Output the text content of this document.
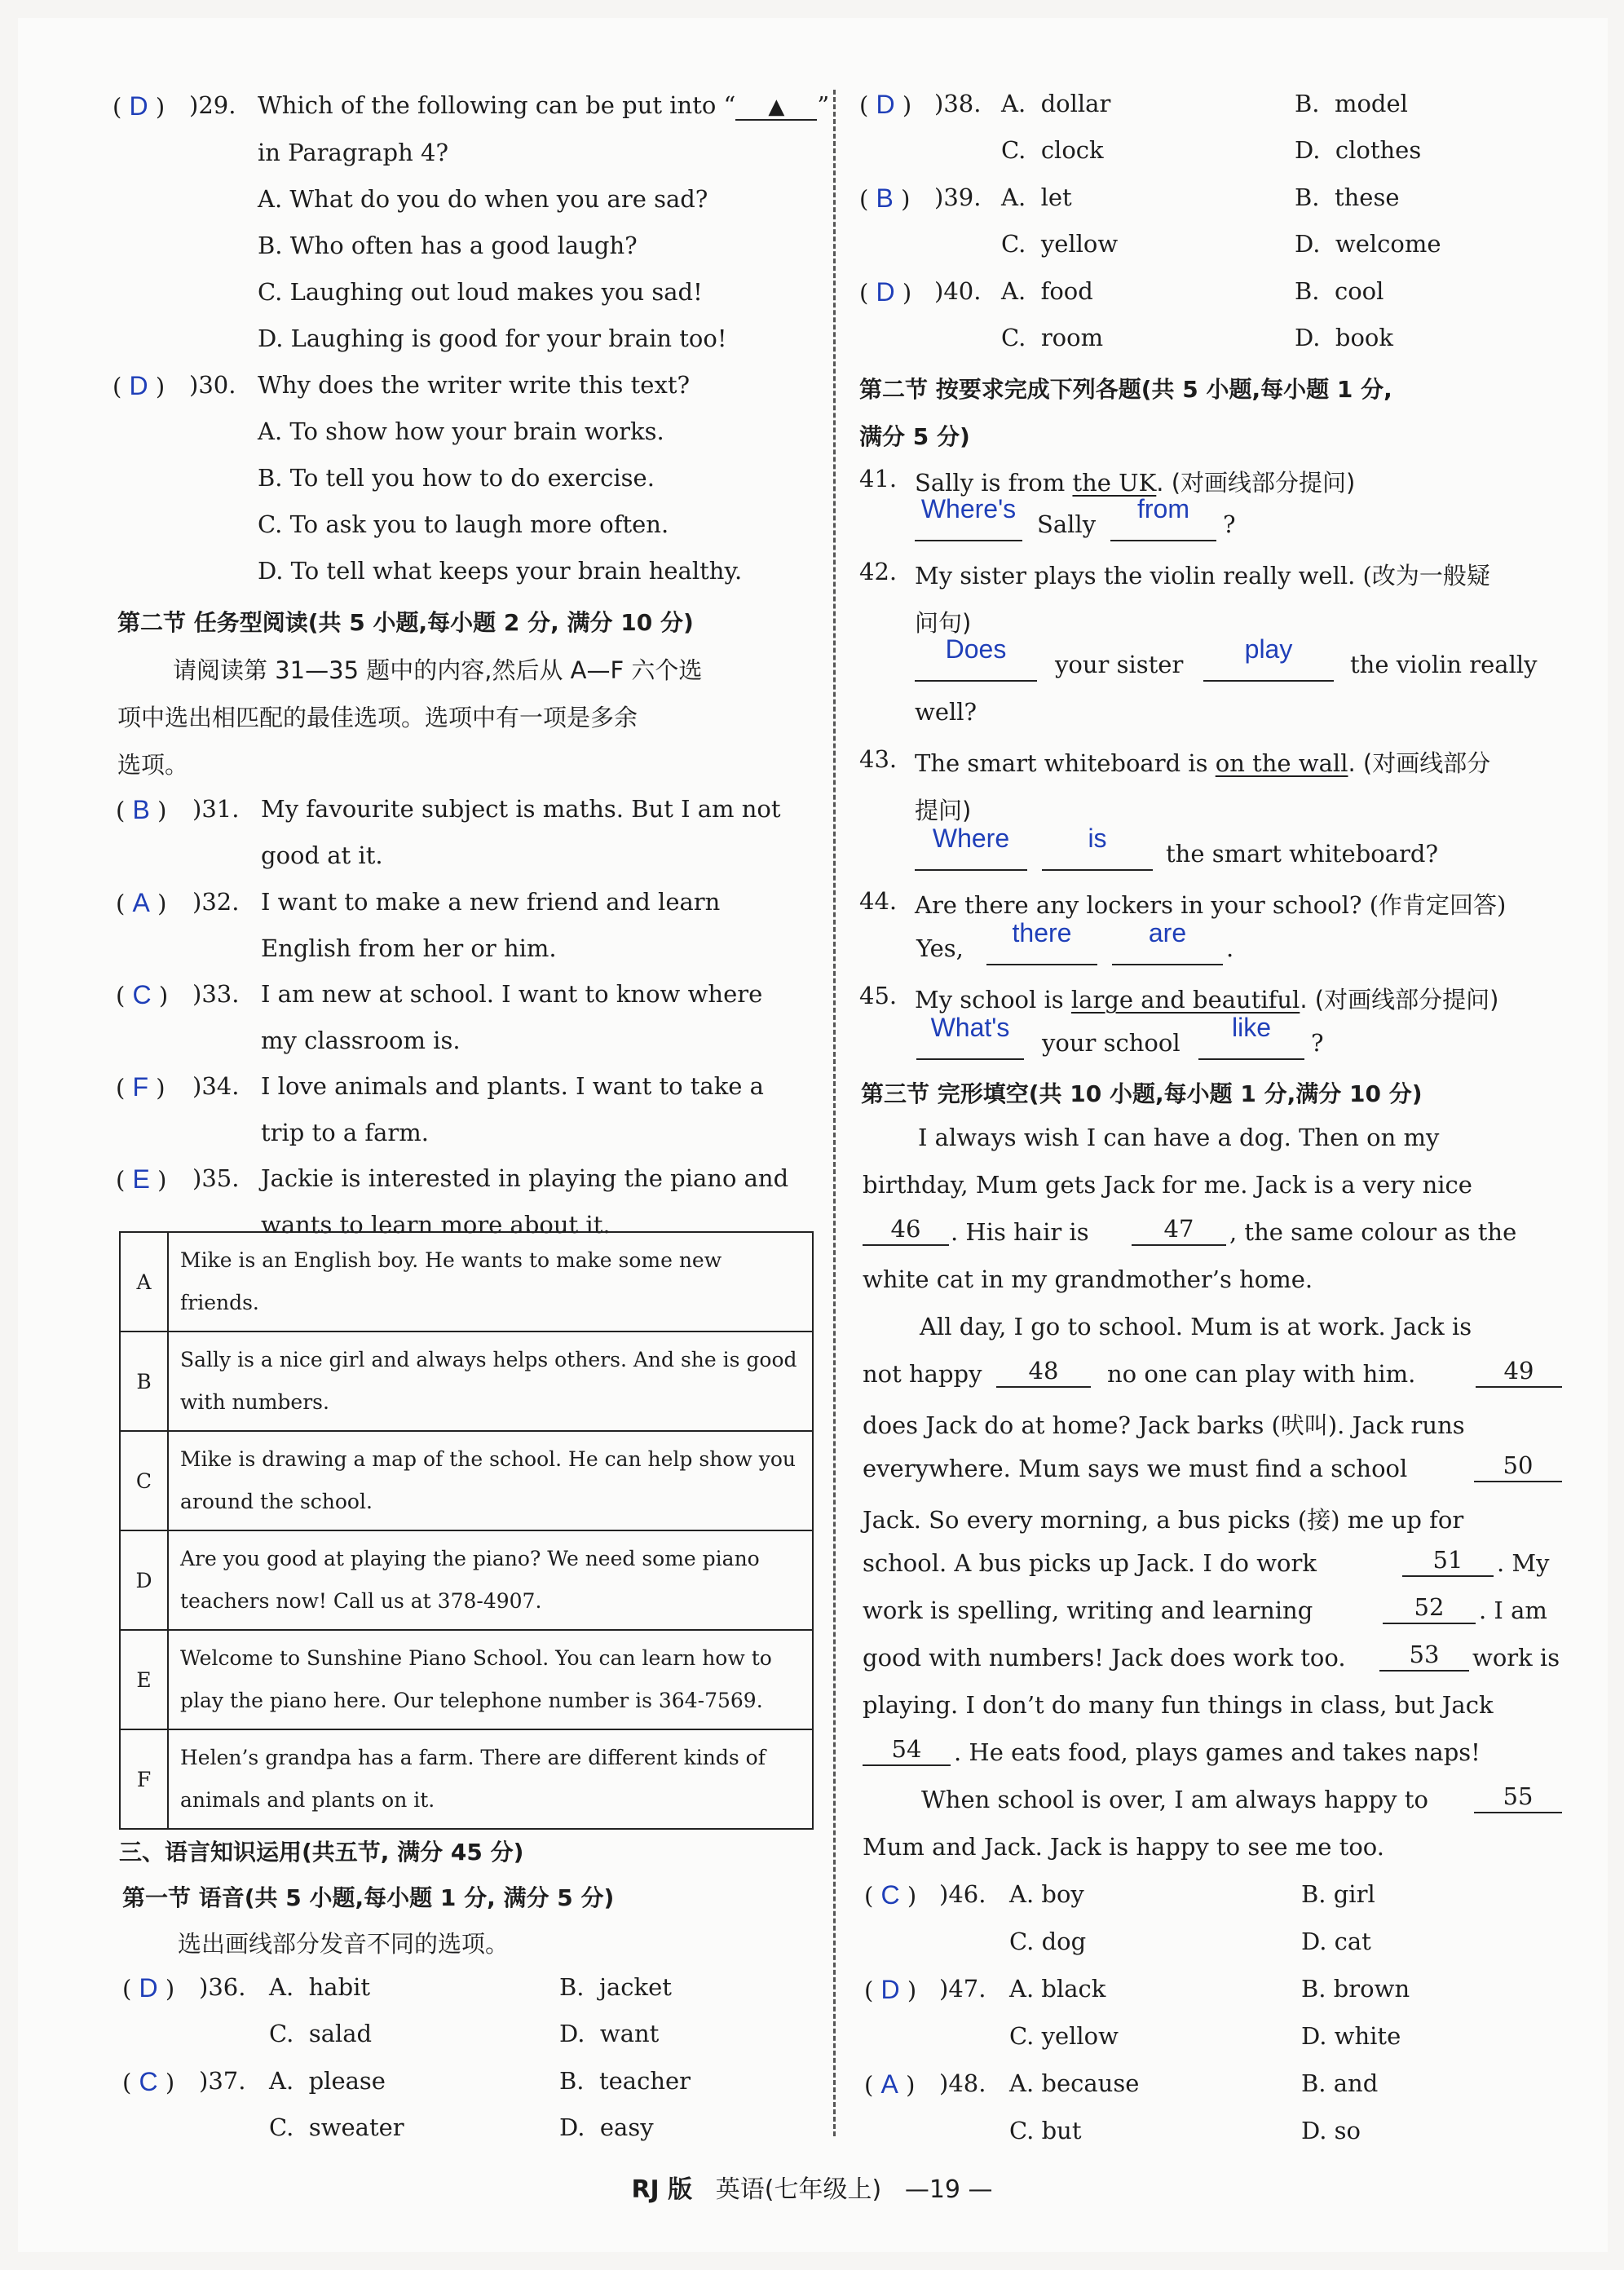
( D ) )29. Which of the following can be put into “ ▲ ”
in Paragraph 4?
A. What do you do when you are sad?
B. Who often has a good laugh?
C. Laughing out loud makes you sad!
D. Laughing is good for your brain too!
( D ) )30. Why does the writer write this text?
A. To show how your brain works.
B. To tell you how to do exercise.
C. To ask you to laugh more often.
D. To tell what keeps your brain healthy.
第二节 任务型阅读(共 5 小题,每小题 2 分, 满分 10 分)
请阅读第 31—35 题中的内容,然后从 A—F 六个选
项中选出相匹配的最佳选项。选项中有一项是多余
选项。
( B ) )31. My favourite subject is maths. But I am not
good at it.
( A ) )32. I want to make a new friend and learn
English from her or him.
( C ) )33. I am new at school. I want to know where
my classroom is.
( F ) )34. I love animals and plants. I want to take a
trip to a farm.
( E ) )35. Jackie is interested in playing the piano and
wants to learn more about it.
A	Mike is an English boy. He wants to make some new
friends.
B	Sally is a nice girl and always helps others. And she is good
with numbers.
C	Mike is drawing a map of the school. He can help show you
around the school.
D	Are you good at playing the piano? We need some piano
teachers now! Call us at 378-4907.
E	Welcome to Sunshine Piano School. You can learn how to
play the piano here. Our telephone number is 364-7569.
F	Helen’s grandpa has a farm. There are different kinds of
animals and plants on it.
三、语言知识运用(共五节, 满分 45 分)
第一节 语音(共 5 小题,每小题 1 分, 满分 5 分)
选出画线部分发音不同的选项。
( D ) )36. A. habit	B. jacket
C. salad	D. want
( C ) )37. A. please	B. teacher
C. sweater	D. easy
( D ) )38. A. dollar	B. model
C. clock	D. clothes
( B ) )39. A. let	B. these
C. yellow	D. welcome
( D ) )40. A. food	B. cool
C. room	D. book
第二节 按要求完成下列各题(共 5 小题,每小题 1 分,
满分 5 分)
41. Sally is from the UK. (对画线部分提问)
Where's
Sally
from
?
42. My sister plays the violin really well. (改为一般疑
问句)
Does
your sister
play
the violin really
well?
43. The smart whiteboard is on the wall. (对画线部分
提问)
Where	is
the smart whiteboard?
44. Are there any lockers in your school? (作肯定回答)
Yes,
there	are
.
45. My school is large and beautiful. (对画线部分提问)
What's
your school
like
?
第三节 完形填空(共 10 小题,每小题 1 分,满分 10 分)
I always wish I can have a dog. Then on my
birthday, Mum gets Jack for me. Jack is a very nice
46	. His hair is	47	, the same colour as the
white cat in my grandmother’s home.
All day, I go to school. Mum is at work. Jack is
not happy	48	no one can play with him.	49
does Jack do at home? Jack barks (吠叫). Jack runs
everywhere. Mum says we must find a school	50
Jack. So every morning, a bus picks (接) me up for
school. A bus picks up Jack. I do work	51	. My
work is spelling, writing and learning	52	. I am
good with numbers! Jack does work too.	53	work is
playing. I don’t do many fun things in class, but Jack
54	. He eats food, plays games and takes naps!
When school is over, I am always happy to	55
Mum and Jack. Jack is happy to see me too.
( C ) )46. A. boy	B. girl
C. dog	D. cat
( D ) )47. A. black	B. brown
C. yellow	D. white
( A ) )48. A. because	B. and
C. but	D. so
RJ 版 英语(七年级上) —19 —
